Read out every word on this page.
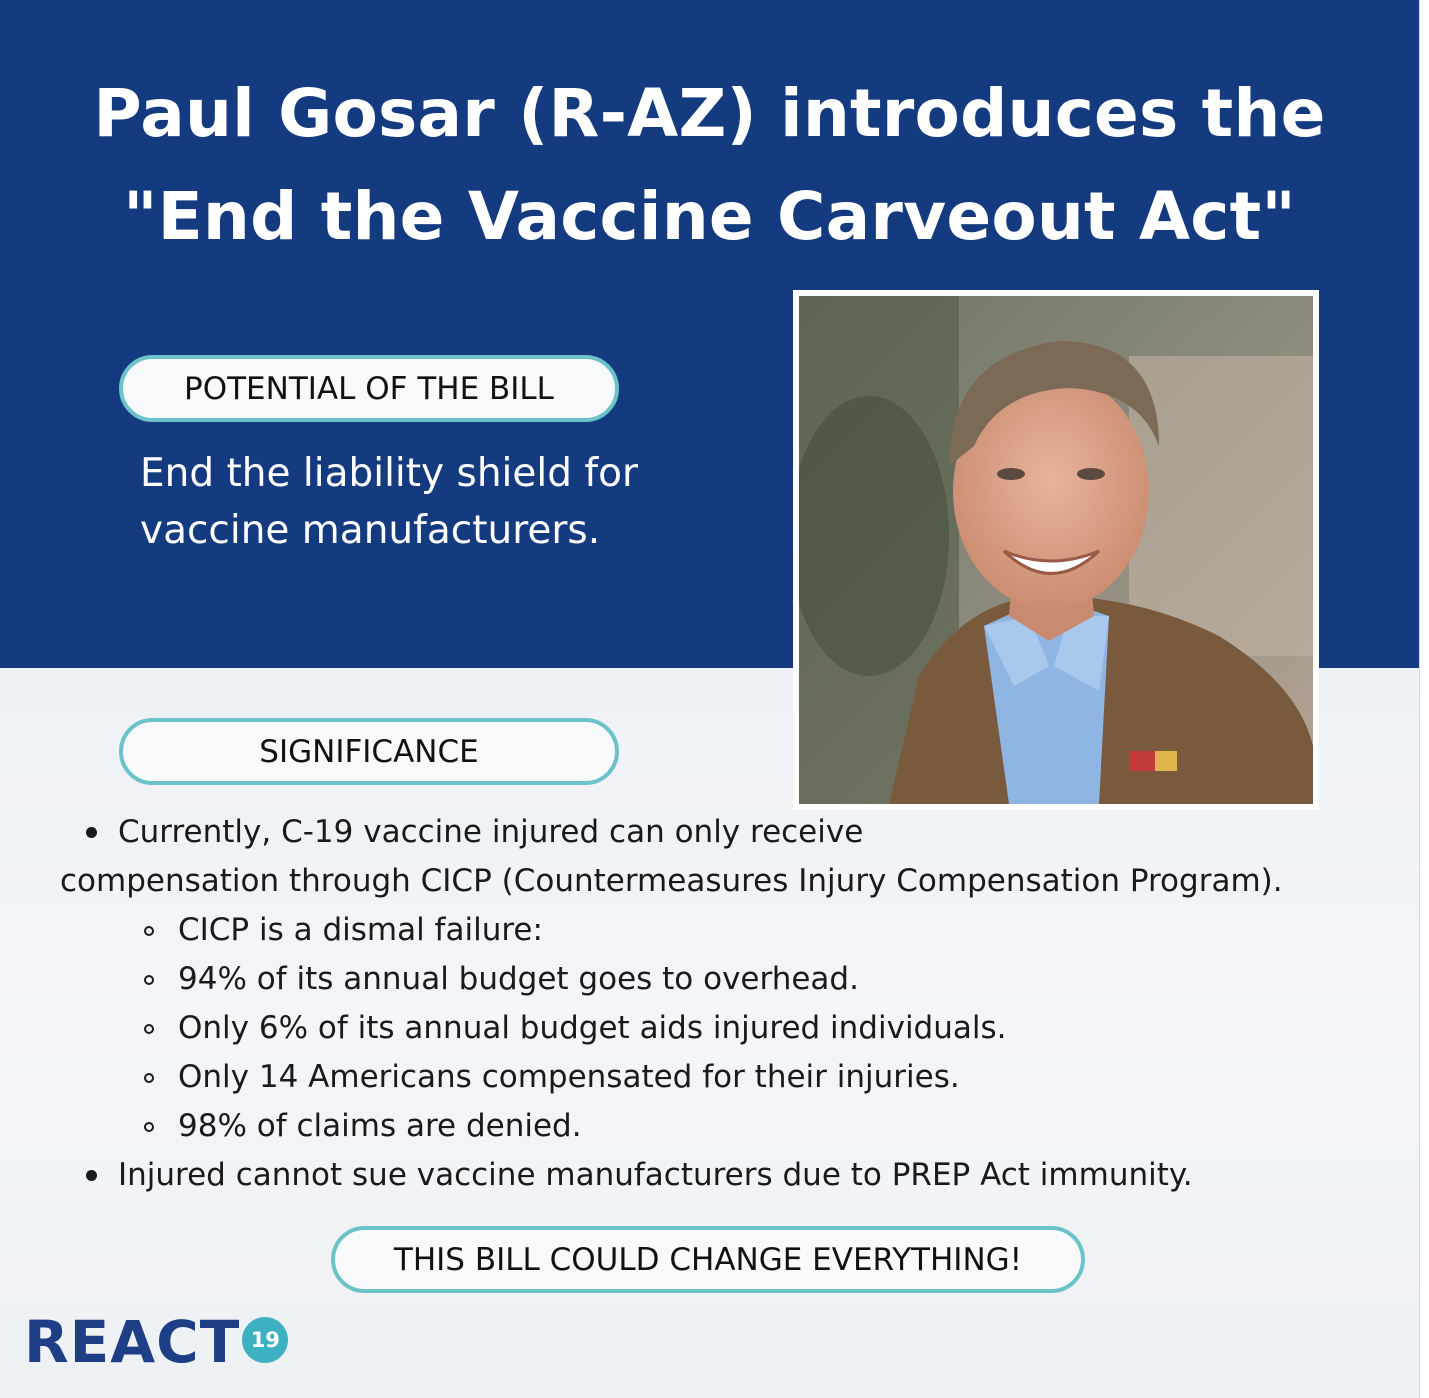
Paul Gosar (R-AZ) introduces the
"End the Vaccine Carveout Act"
POTENTIAL OF THE BILL

End the liability shield for
vaccine manufacturers.

SIGNIFICANCE
Currently, C-19 vaccine injured can only receive
compensation through CICP (Countermeasures Injury Compensation Program).
CICP is a dismal failure:
94% of its annual budget goes to overhead.
Only 6% of its annual budget aids injured individuals.
Only 14 Americans compensated for their injuries.
98% of claims are denied.
Injured cannot sue vaccine manufacturers due to PREP Act immunity.
THIS BILL COULD CHANGE EVERYTHING!
REACT 19
